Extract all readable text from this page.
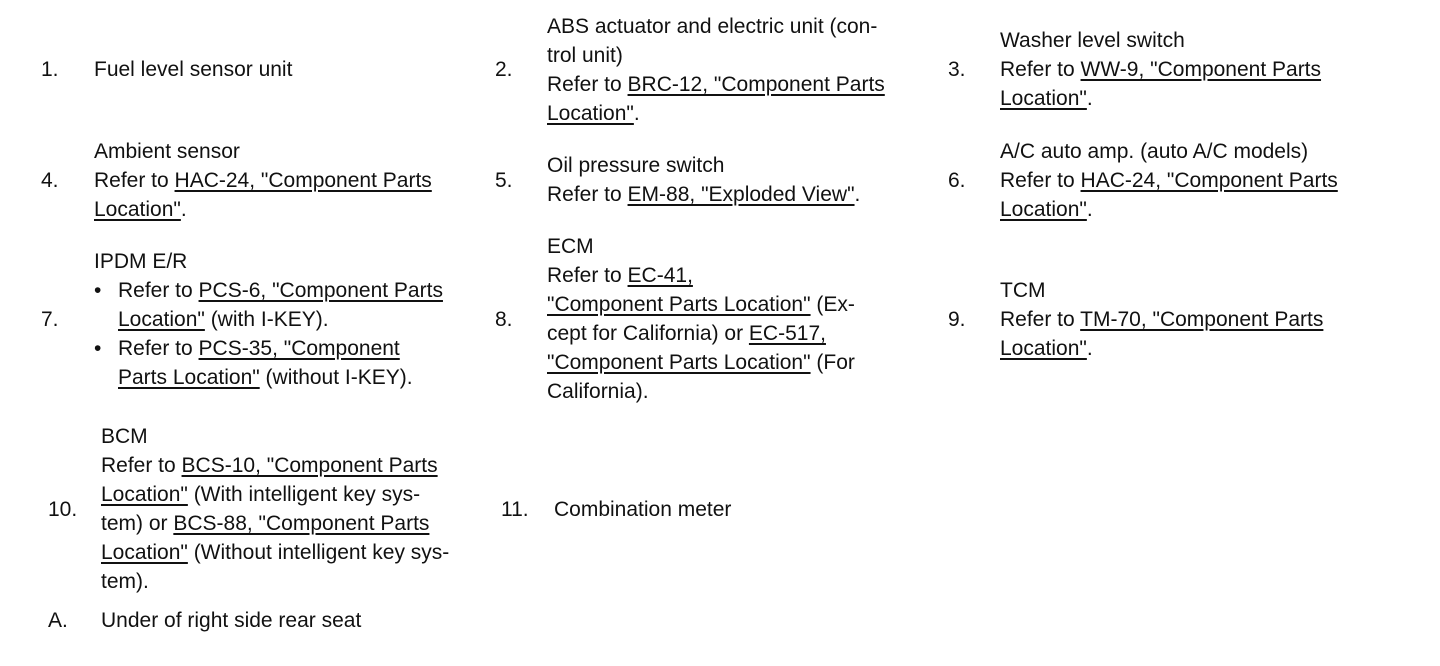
1. Fuel level sensor unit	2.
ABS actuator and electric unit (con-
trol unit)
Refer to BRC-12, "Component Parts
Location".
3.
Washer level switch
Refer to WW-9, "Component Parts
Location".
4.
Ambient sensor
Refer to HAC-24, "Component Parts
Location".
5.
Oil pressure switch
Refer to EM-88, "Exploded View".
6.
A/C auto amp. (auto A/C models)
Refer to HAC-24, "Component Parts
Location".
7.
IPDM E/R
• Refer to PCS-6, "Component Parts
Location" (with I-KEY).
• Refer to PCS-35, "Component
Parts Location" (without I-KEY).
8.
ECM
Refer to EC-41,
"Component Parts Location" (Ex-
cept for California) or EC-517,
"Component Parts Location" (For
California).
9.
TCM
Refer to TM-70, "Component Parts
Location".
10.
BCM
Refer to BCS-10, "Component Parts
Location" (With intelligent key sys-
tem) or BCS-88, "Component Parts
Location" (Without intelligent key sys-
tem).
11. Combination meter
A. Under of right side rear seat
